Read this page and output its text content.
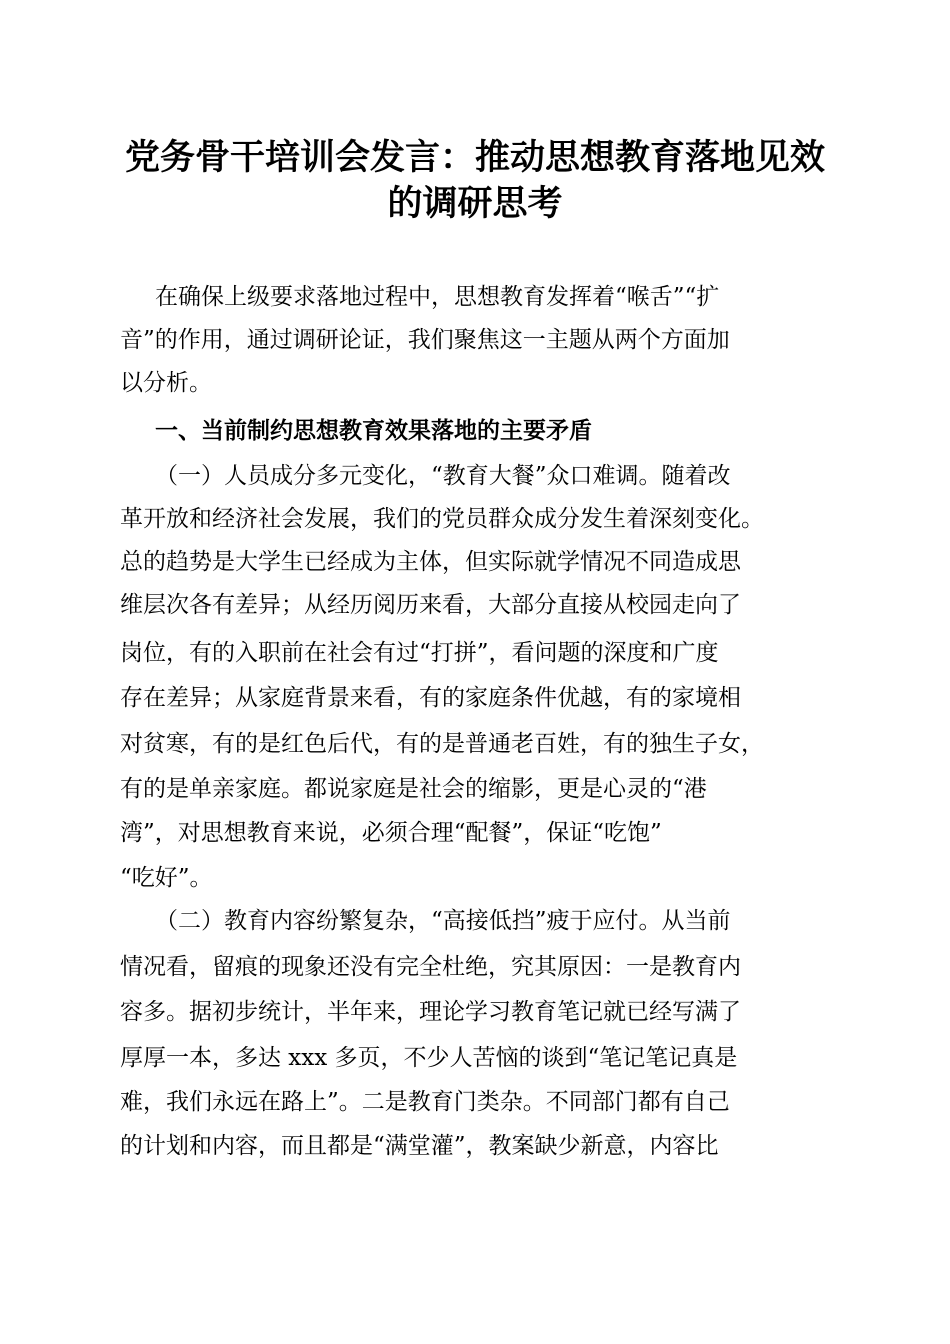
党务骨干培训会发言：推动思想教育落地见效
的调研思考
在确保上级要求落地过程中，思想教育发挥着“喉舌”“扩
音”的作用，通过调研论证，我们聚焦这一主题从两个方面加
以分析。
一、当前制约思想教育效果落地的主要矛盾
（一）人员成分多元变化，“教育大餐”众口难调。随着改
革开放和经济社会发展，我们的党员群众成分发生着深刻变化。
总的趋势是大学生已经成为主体，但实际就学情况不同造成思
维层次各有差异；从经历阅历来看，大部分直接从校园走向了
岗位，有的入职前在社会有过“打拼”，看问题的深度和广度
存在差异；从家庭背景来看，有的家庭条件优越，有的家境相
对贫寒，有的是红色后代，有的是普通老百姓，有的独生子女，
有的是单亲家庭。都说家庭是社会的缩影，更是心灵的“港
湾”，对思想教育来说，必须合理“配餐”，保证“吃饱”
“吃好”。
（二）教育内容纷繁复杂，“高接低挡”疲于应付。从当前
情况看，留痕的现象还没有完全杜绝，究其原因：一是教育内
容多。据初步统计，半年来，理论学习教育笔记就已经写满了
厚厚一本，多达 xxx 多页，不少人苦恼的谈到“笔记笔记真是
难，我们永远在路上”。二是教育门类杂。不同部门都有自己
的计划和内容，而且都是“满堂灌”，教案缺少新意，内容比
